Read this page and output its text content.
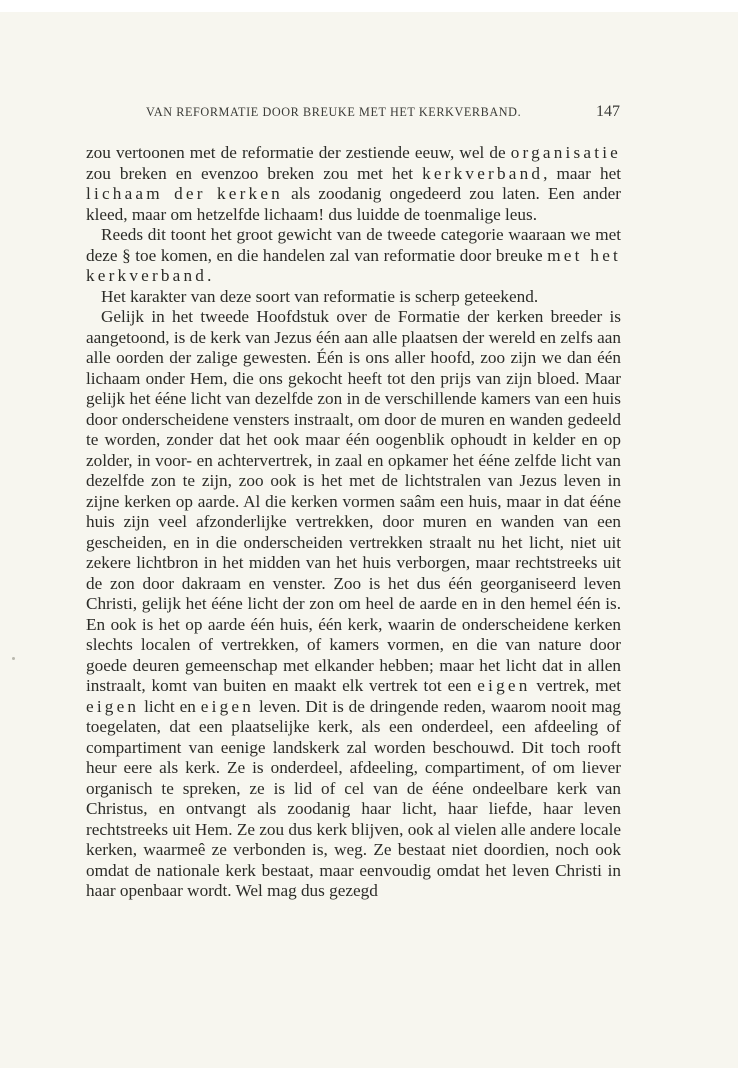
VAN REFORMATIE DOOR BREUKE MET HET KERKVERBAND.	147

zou vertoonen met de reformatie der zestiende eeuw, wel de organisatie zou breken en evenzoo breken zou met het kerkverband, maar het lichaam der kerken als zoodanig ongedeerd zou laten. Een ander kleed, maar om hetzelfde lichaam! dus luidde de toenmalige leus.

Reeds dit toont het groot gewicht van de tweede categorie waaraan we met deze § toe komen, en die handelen zal van reformatie door breuke met het kerkverband.

Het karakter van deze soort van reformatie is scherp geteekend.

Gelijk in het tweede Hoofdstuk over de Formatie der kerken breeder is aangetoond, is de kerk van Jezus één aan alle plaatsen der wereld en zelfs aan alle oorden der zalige gewesten. Één is ons aller hoofd, zoo zijn we dan één lichaam onder Hem, die ons gekocht heeft tot den prijs van zijn bloed. Maar gelijk het ééne licht van dezelfde zon in de verschillende kamers van een huis door onderscheidene vensters instraalt, om door de muren en wanden gedeeld te worden, zonder dat het ook maar één oogenblik ophoudt in kelder en op zolder, in voor- en achtervertrek, in zaal en opkamer het ééne zelfde licht van dezelfde zon te zijn, zoo ook is het met de lichtstralen van Jezus leven in zijne kerken op aarde. Al die kerken vormen saâm een huis, maar in dat ééne huis zijn veel afzonderlijke vertrekken, door muren en wanden van een gescheiden, en in die onderscheiden vertrekken straalt nu het licht, niet uit zekere lichtbron in het midden van het huis verborgen, maar rechtstreeks uit de zon door dakraam en venster. Zoo is het dus één georganiseerd leven Christi, gelijk het ééne licht der zon om heel de aarde en in den hemel één is. En ook is het op aarde één huis, één kerk, waarin de onderscheidene kerken slechts localen of vertrekken, of kamers vormen, en die van nature door goede deuren gemeenschap met elkander hebben; maar het licht dat in allen instraalt, komt van buiten en maakt elk vertrek tot een eigen vertrek, met eigen licht en eigen leven. Dit is de dringende reden, waarom nooit mag toegelaten, dat een plaatselijke kerk, als een onderdeel, een afdeeling of compartiment van eenige landskerk zal worden beschouwd. Dit toch rooft heur eere als kerk. Ze is onderdeel, afdeeling, compartiment, of om liever organisch te spreken, ze is lid of cel van de ééne ondeelbare kerk van Christus, en ontvangt als zoodanig haar licht, haar liefde, haar leven rechtstreeks uit Hem. Ze zou dus kerk blijven, ook al vielen alle andere locale kerken, waarmeê ze verbonden is, weg. Ze bestaat niet doordien, noch ook omdat de nationale kerk bestaat, maar eenvoudig omdat het leven Christi in haar openbaar wordt. Wel mag dus gezegd
